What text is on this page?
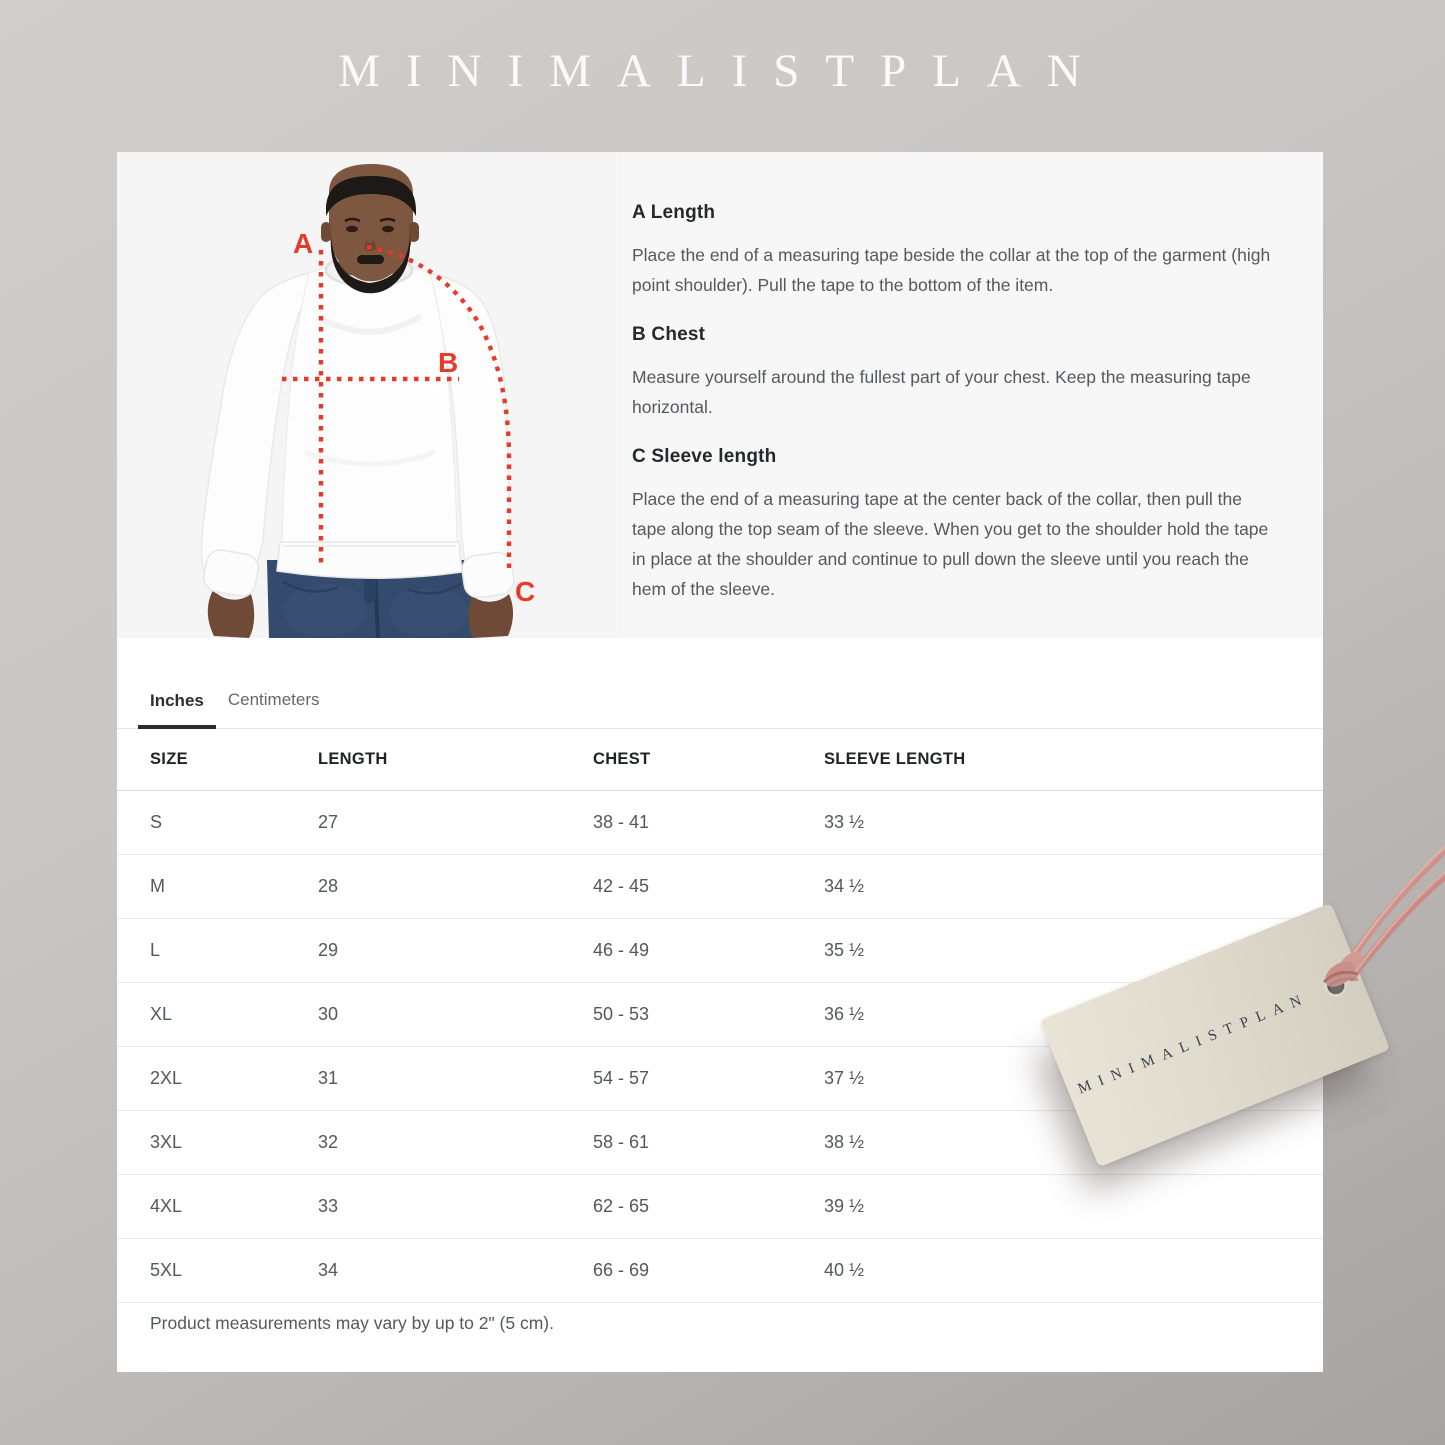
MINIMALISTPLAN
A
B
C
A Length

Place the end of a measuring tape beside the collar at the top of the garment (high point shoulder). Pull the tape to the bottom of the item.

B Chest

Measure yourself around the fullest part of your chest. Keep the measuring tape horizontal.

C Sleeve length

Place the end of a measuring tape at the center back of the collar, then pull the tape along the top seam of the sleeve. When you get to the shoulder hold the tape in place at the shoulder and continue to pull down the sleeve until you reach the hem of the sleeve.

Inches	Centimeters
SIZE	LENGTH	CHEST	SLEEVE LENGTH
S	27	38 - 41	33 ½
M	28	42 - 45	34 ½
L	29	46 - 49	35 ½
XL	30	50 - 53	36 ½
2XL	31	54 - 57	37 ½
3XL	32	58 - 61	38 ½
4XL	33	62 - 65	39 ½
5XL	34	66 - 69	40 ½

Product measurements may vary by up to 2" (5 cm).

MINIMALISTPLAN
